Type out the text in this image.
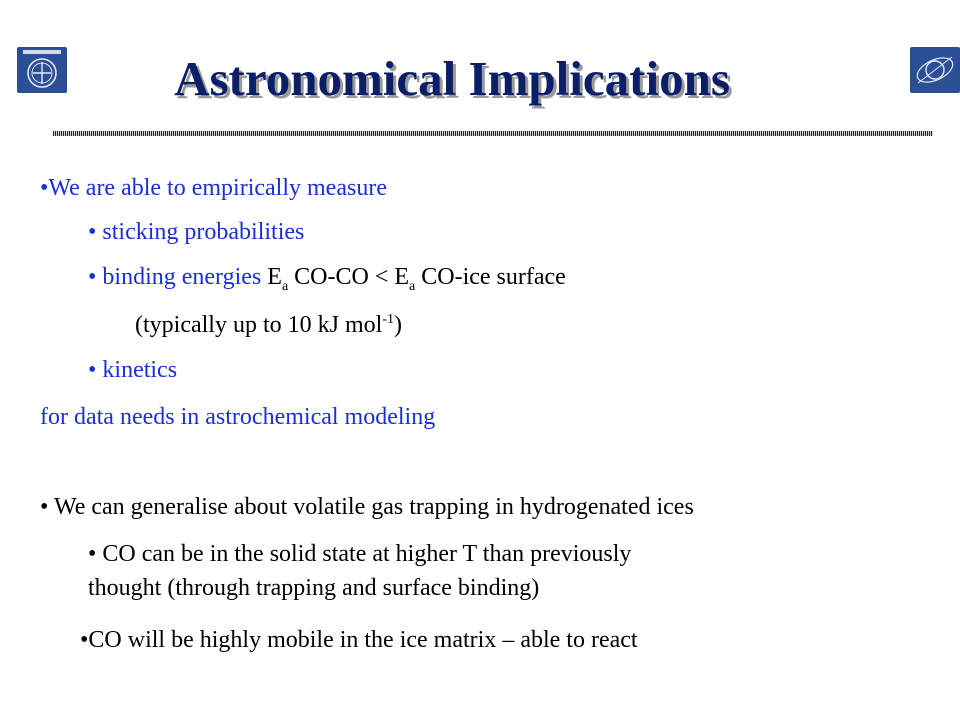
Astronomical Implications
•We are able to empirically measure
• sticking probabilities
• binding energies $E_a$ $CO-CO < E_a$ CO-ice surface
(typically up to 10 kJ mol$^{-1}$)
• kinetics
for data needs in astrochemical modeling
• We can generalise about volatile gas trapping in hydrogenated ices
• CO can be in the solid state at higher T than previously
thought (through trapping and surface binding)
•CO will be highly mobile in the ice matrix – able to react
